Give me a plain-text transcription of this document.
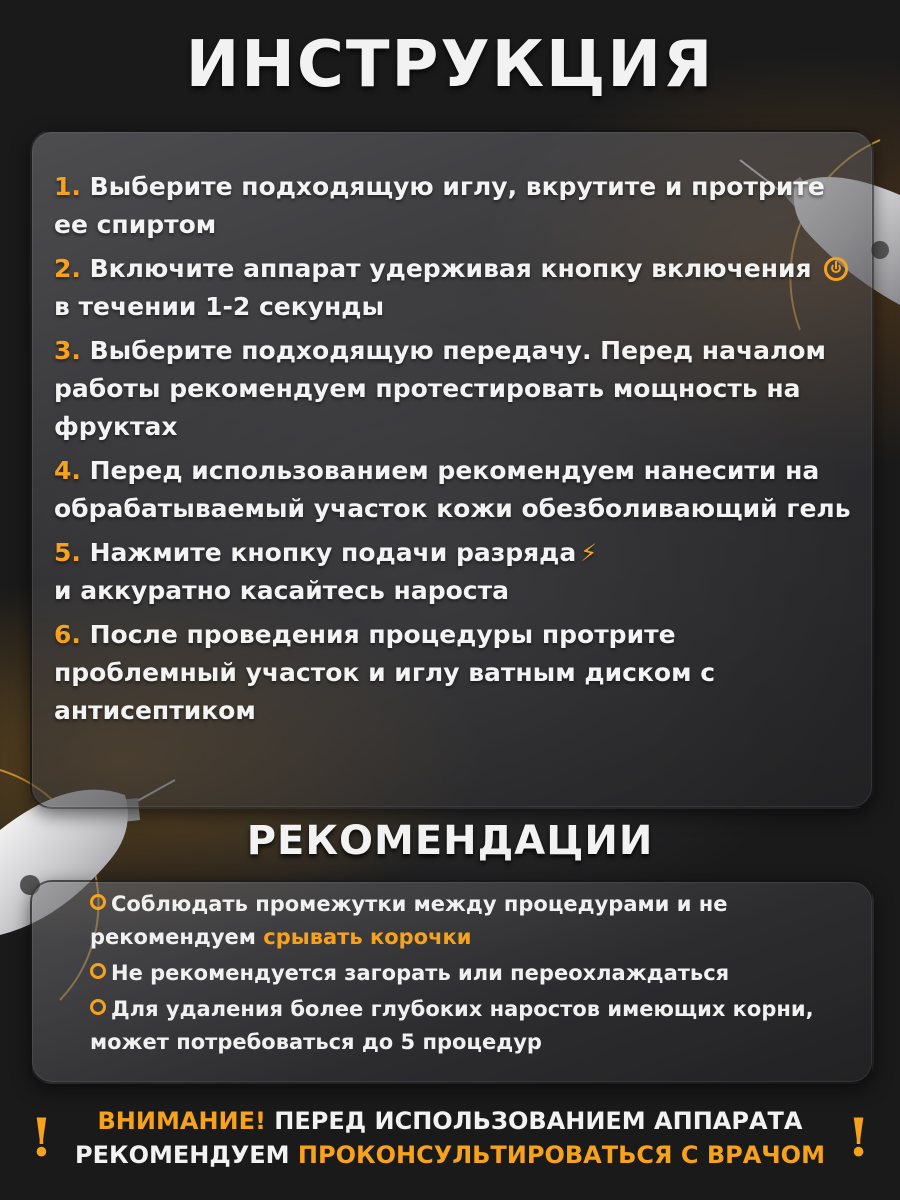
ИНСТРУКЦИЯ
1. Выберите подходящую иглу, вкрутите и протрите ее спиртом
2. Включите аппарат удерживая кнопку включения  в течении 1-2 секунды
3. Выберите подходящую передачу. Перед началом работы рекомендуем протестировать мощность на фруктах
4. Перед использованием рекомендуем нанесити на обрабатываемый участок кожи обезболивающий гель
5. Нажмите кнопку подачи разряда ⚡
и аккуратно касайтесь нароста
6. После проведения процедуры протрите проблемный участок и иглу ватным диском с антисептиком
РЕКОМЕНДАЦИИ
Соблюдать промежутки между процедурами и не рекомендуем срывать корочки
Не рекомендуется загорать или переохлаждаться
Для удаления более глубоких наростов имеющих корни, может потребоваться до 5 процедур
!	!
ВНИМАНИЕ! ПЕРЕД ИСПОЛЬЗОВАНИЕМ АППАРАТА
РЕКОМЕНДУЕМ ПРОКОНСУЛЬТИРОВАТЬСЯ С ВРАЧОМ
